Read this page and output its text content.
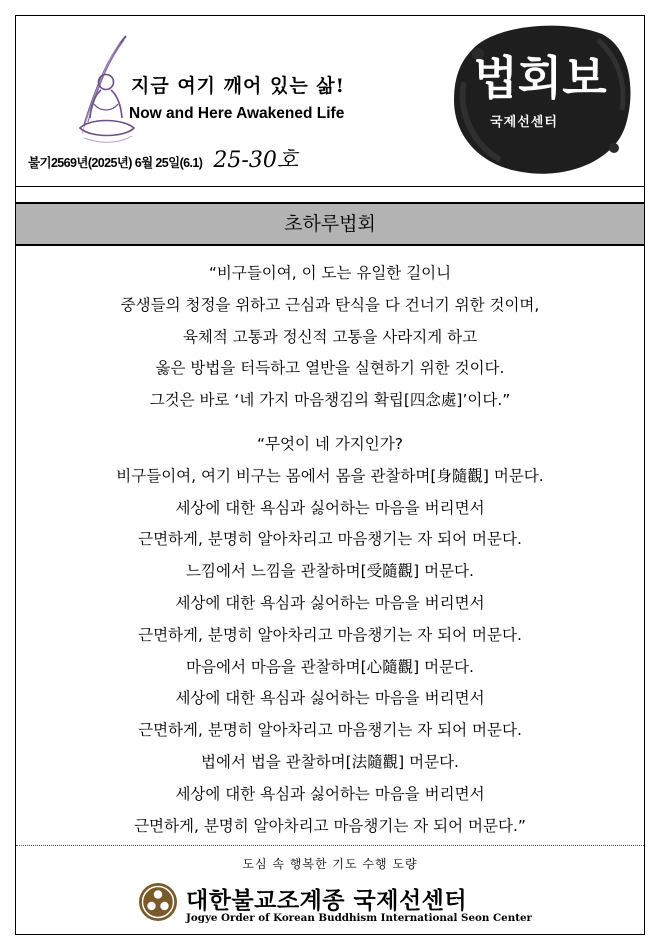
지금 여기 깨어 있는 삶!
Now and Here Awakened Life
불기2569년(2025년) 6월 25일(6.1) 25-30호
법회보
국제선센터
초하루법회
“비구들이여, 이 도는 유일한 길이니
중생들의 청정을 위하고 근심과 탄식을 다 건너기 위한 것이며,
육체적 고통과 정신적 고통을 사라지게 하고
옳은 방법을 터득하고 열반을 실현하기 위한 것이다.
그것은 바로 ‘네 가지 마음챙김의 확립[四念處]’이다.”
“무엇이 네 가지인가?
비구들이여, 여기 비구는 몸에서 몸을 관찰하며[身隨觀] 머문다.
세상에 대한 욕심과 싫어하는 마음을 버리면서
근면하게, 분명히 알아차리고 마음챙기는 자 되어 머문다.
느낌에서 느낌을 관찰하며[受隨觀] 머문다.
세상에 대한 욕심과 싫어하는 마음을 버리면서
근면하게, 분명히 알아차리고 마음챙기는 자 되어 머문다.
마음에서 마음을 관찰하며[心隨觀] 머문다.
세상에 대한 욕심과 싫어하는 마음을 버리면서
근면하게, 분명히 알아차리고 마음챙기는 자 되어 머문다.
법에서 법을 관찰하며[法隨觀] 머문다.
세상에 대한 욕심과 싫어하는 마음을 버리면서
근면하게, 분명히 알아차리고 마음챙기는 자 되어 머문다.”
도심 속 행복한 기도 수행 도량
대한불교조계종 국제선센터
Jogye Order of Korean Buddhism International Seon Center
